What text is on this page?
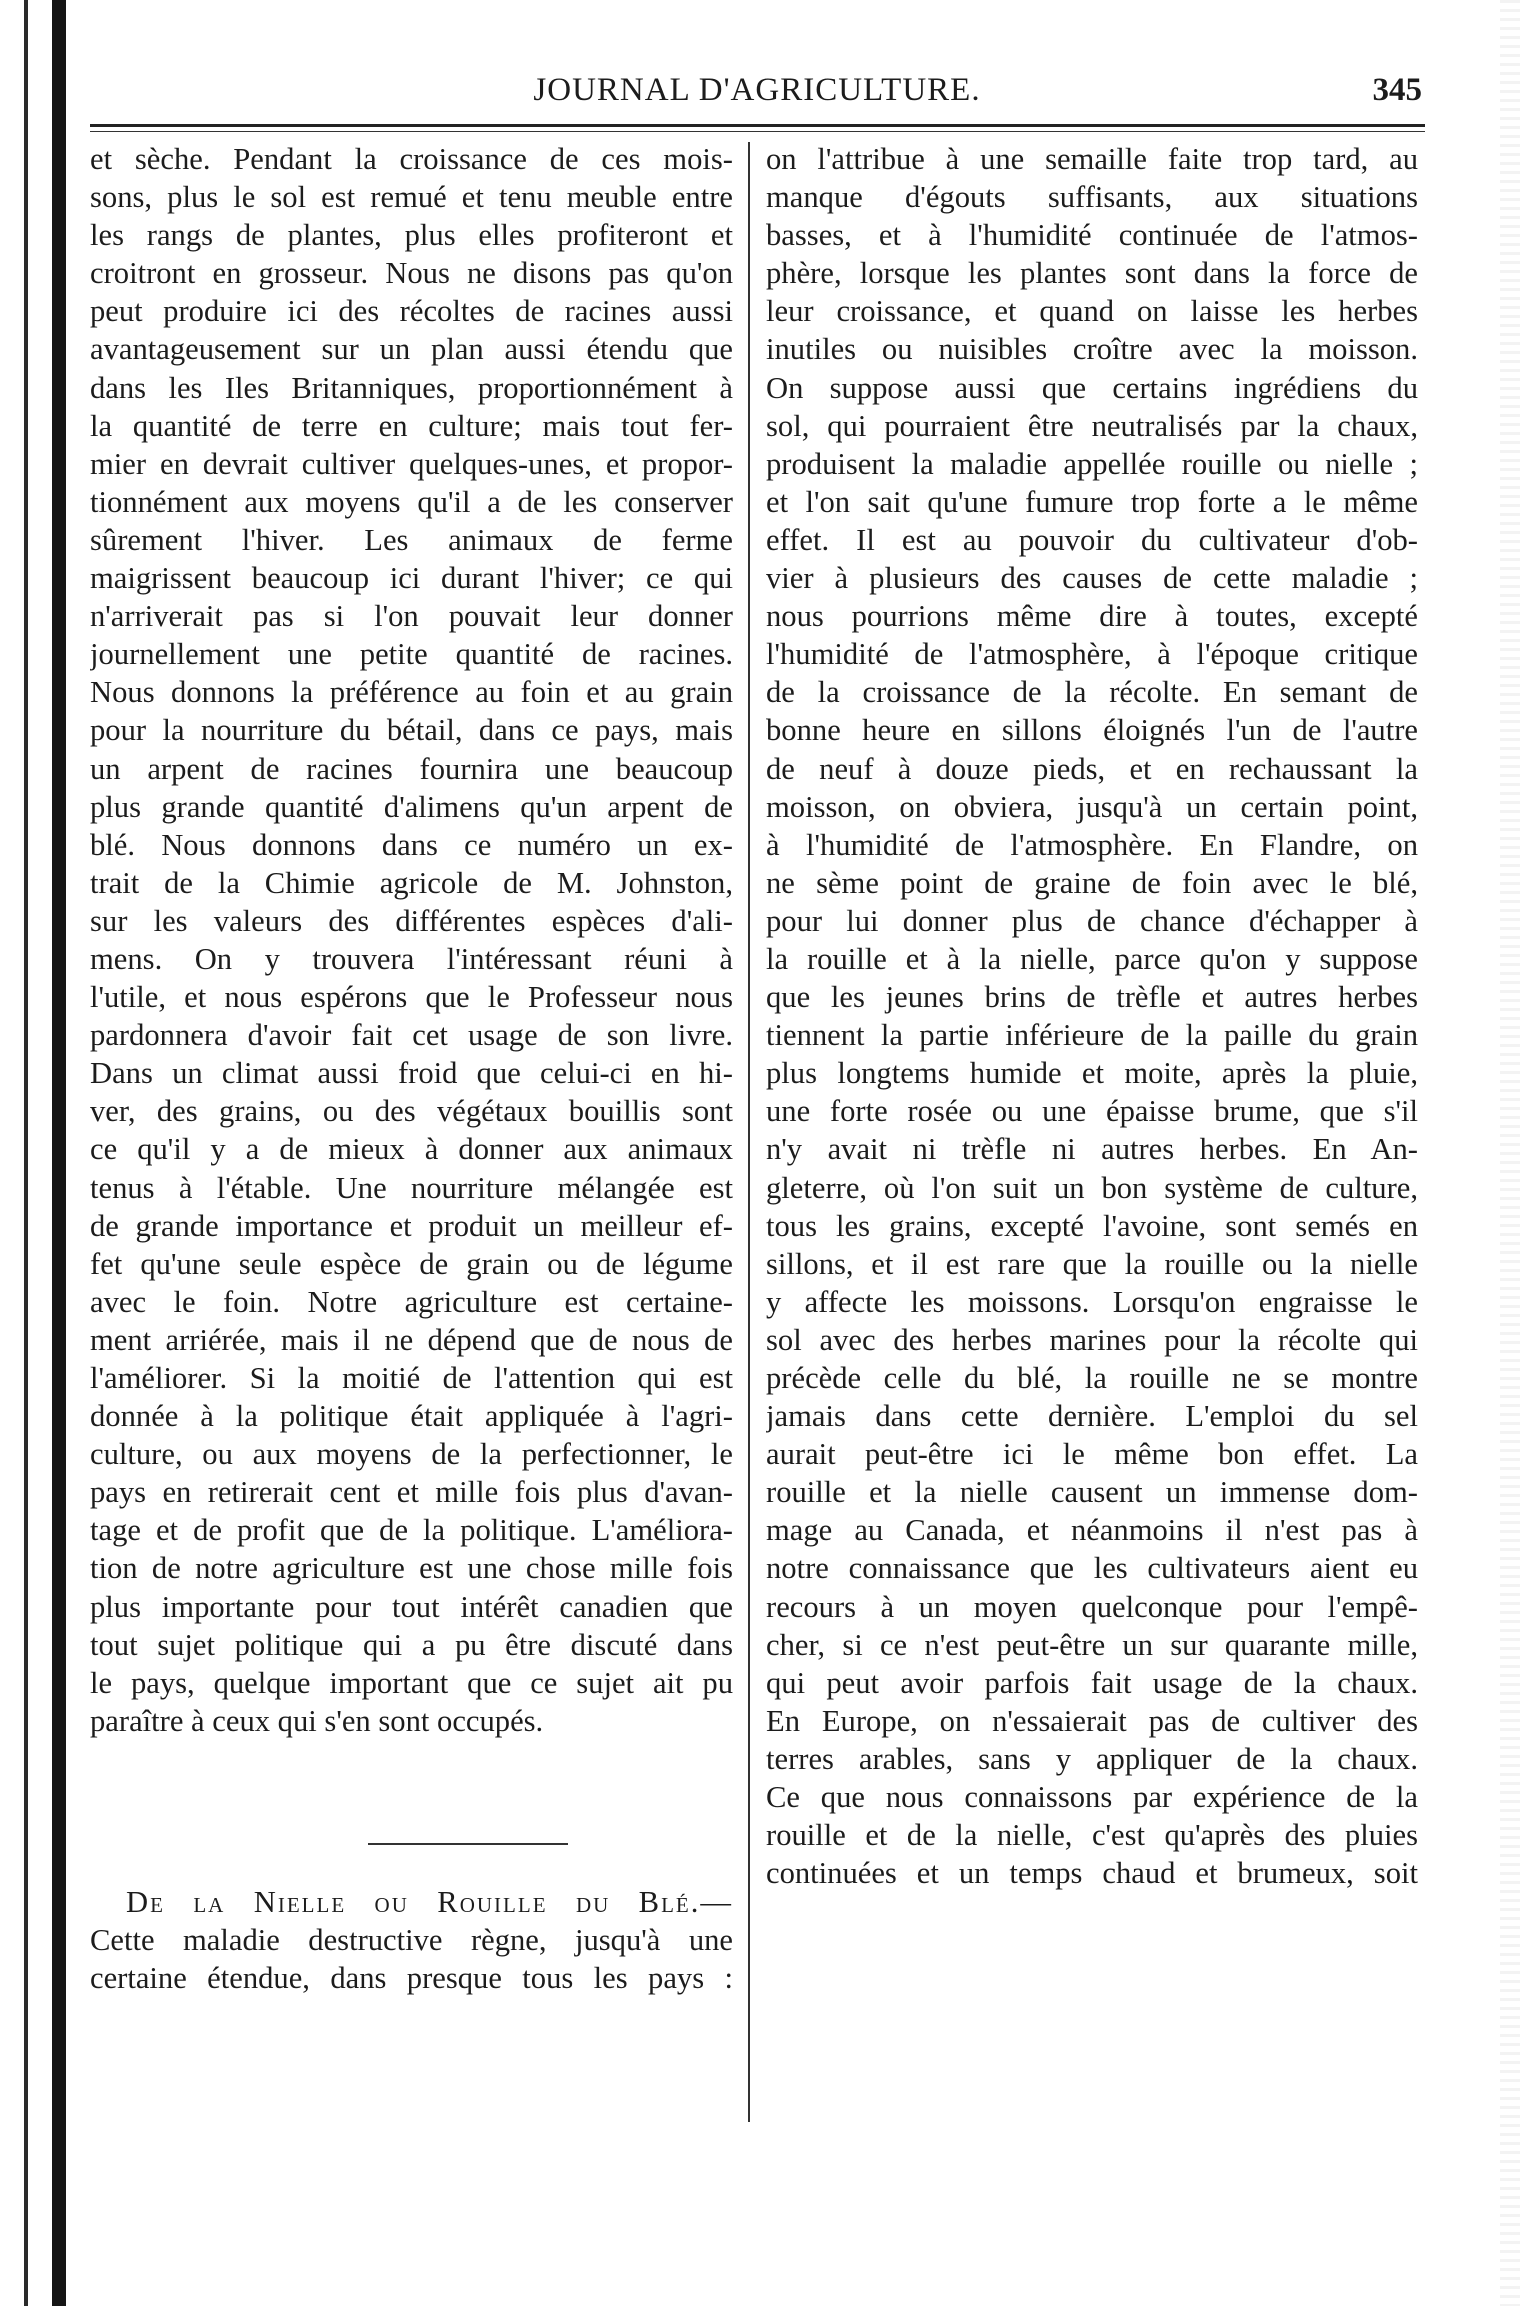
JOURNAL D'AGRICULTURE.	345
et sèche. Pendant la croissance de ces mois-
sons, plus le sol est remué et tenu meuble entre
les rangs de plantes, plus elles profiteront et
croitront en grosseur. Nous ne disons pas qu'on
peut produire ici des récoltes de racines aussi
avantageusement sur un plan aussi étendu que
dans les Iles Britanniques, proportionnément à
la quantité de terre en culture; mais tout fer-
mier en devrait cultiver quelques-unes, et propor-
tionnément aux moyens qu'il a de les conserver
sûrement l'hiver. Les animaux de ferme
maigrissent beaucoup ici durant l'hiver; ce qui
n'arriverait pas si l'on pouvait leur donner
journellement une petite quantité de racines.
Nous donnons la préférence au foin et au grain
pour la nourriture du bétail, dans ce pays, mais
un arpent de racines fournira une beaucoup
plus grande quantité d'alimens qu'un arpent de
blé. Nous donnons dans ce numéro un ex-
trait de la Chimie agricole de M. Johnston,
sur les valeurs des différentes espèces d'ali-
mens. On y trouvera l'intéressant réuni à
l'utile, et nous espérons que le Professeur nous
pardonnera d'avoir fait cet usage de son livre.
Dans un climat aussi froid que celui-ci en hi-
ver, des grains, ou des végétaux bouillis sont
ce qu'il y a de mieux à donner aux animaux
tenus à l'étable. Une nourriture mélangée est
de grande importance et produit un meilleur ef-
fet qu'une seule espèce de grain ou de légume
avec le foin. Notre agriculture est certaine-
ment arriérée, mais il ne dépend que de nous de
l'améliorer. Si la moitié de l'attention qui est
donnée à la politique était appliquée à l'agri-
culture, ou aux moyens de la perfectionner, le
pays en retirerait cent et mille fois plus d'avan-
tage et de profit que de la politique. L'améliora-
tion de notre agriculture est une chose mille fois
plus importante pour tout intérêt canadien que
tout sujet politique qui a pu être discuté dans
le pays, quelque important que ce sujet ait pu
paraître à ceux qui s'en sont occupés.
on l'attribue à une semaille faite trop tard, au
manque d'égouts suffisants, aux situations
basses, et à l'humidité continuée de l'atmos-
phère, lorsque les plantes sont dans la force de
leur croissance, et quand on laisse les herbes
inutiles ou nuisibles croître avec la moisson.
On suppose aussi que certains ingrédiens du
sol, qui pourraient être neutralisés par la chaux,
produisent la maladie appellée rouille ou nielle ;
et l'on sait qu'une fumure trop forte a le même
effet. Il est au pouvoir du cultivateur d'ob-
vier à plusieurs des causes de cette maladie ;
nous pourrions même dire à toutes, excepté
l'humidité de l'atmosphère, à l'époque critique
de la croissance de la récolte. En semant de
bonne heure en sillons éloignés l'un de l'autre
de neuf à douze pieds, et en rechaussant la
moisson, on obviera, jusqu'à un certain point,
à l'humidité de l'atmosphère. En Flandre, on
ne sème point de graine de foin avec le blé,
pour lui donner plus de chance d'échapper à
la rouille et à la nielle, parce qu'on y suppose
que les jeunes brins de trèfle et autres herbes
tiennent la partie inférieure de la paille du grain
plus longtems humide et moite, après la pluie,
une forte rosée ou une épaisse brume, que s'il
n'y avait ni trèfle ni autres herbes. En An-
gleterre, où l'on suit un bon système de culture,
tous les grains, excepté l'avoine, sont semés en
sillons, et il est rare que la rouille ou la nielle
y affecte les moissons. Lorsqu'on engraisse le
sol avec des herbes marines pour la récolte qui
précède celle du blé, la rouille ne se montre
jamais dans cette dernière. L'emploi du sel
aurait peut-être ici le même bon effet. La
rouille et la nielle causent un immense dom-
mage au Canada, et néanmoins il n'est pas à
notre connaissance que les cultivateurs aient eu
recours à un moyen quelconque pour l'empê-
cher, si ce n'est peut-être un sur quarante mille,
qui peut avoir parfois fait usage de la chaux.
En Europe, on n'essaierait pas de cultiver des
terres arables, sans y appliquer de la chaux.
Ce que nous connaissons par expérience de la
rouille et de la nielle, c'est qu'après des pluies
continuées et un temps chaud et brumeux, soit
De la Nielle ou Rouille du Blé.—
Cette maladie destructive règne, jusqu'à une
certaine étendue, dans presque tous les pays :
